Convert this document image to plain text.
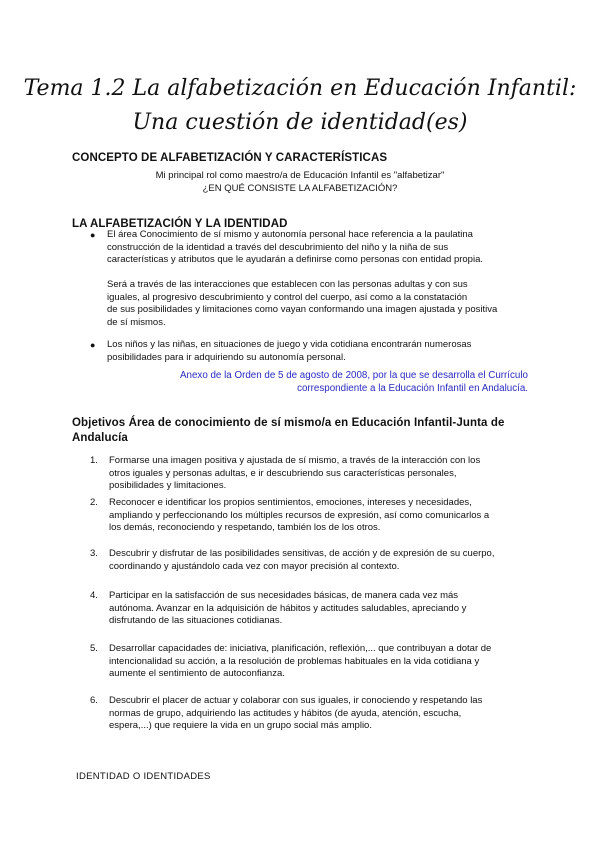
Tema 1.2 La alfabetización en Educación Infantil:
Una cuestión de identidad(es)
CONCEPTO DE ALFABETIZACIÓN Y CARACTERÍSTICAS
Mi principal rol como maestro/a de Educación Infantil es "alfabetizar"
¿EN QUÉ CONSISTE LA ALFABETIZACIÓN?
LA ALFABETIZACIÓN Y LA IDENTIDAD
● El área Conocimiento de sí mismo y autonomía personal hace referencia a la paulatina
construcción de la identidad a través del descubrimiento del niño y la niña de sus
características y atributos que le ayudarán a definirse como personas con entidad propia.
Será a través de las interacciones que establecen con las personas adultas y con sus
iguales, al progresivo descubrimiento y control del cuerpo, así como a la constatación
de sus posibilidades y limitaciones como vayan conformando una imagen ajustada y positiva
de sí mismos.
● Los niños y las niñas, en situaciones de juego y vida cotidiana encontrarán numerosas
posibilidades para ir adquiriendo su autonomía personal.
Anexo de la Orden de 5 de agosto de 2008, por la que se desarrolla el Currículo
correspondiente a la Educación Infantil en Andalucía.
Objetivos Área de conocimiento de sí mismo/a en Educación Infantil-Junta de
Andalucía
1. Formarse una imagen positiva y ajustada de sí mismo, a través de la interacción con los
otros iguales y personas adultas, e ir descubriendo sus características personales,
posibilidades y limitaciones.
2. Reconocer e identificar los propios sentimientos, emociones, intereses y necesidades,
ampliando y perfeccionando los múltiples recursos de expresión, así como comunicarlos a
los demás, reconociendo y respetando, también los de los otros.
3. Descubrir y disfrutar de las posibilidades sensitivas, de acción y de expresión de su cuerpo,
coordinando y ajustándolo cada vez con mayor precisión al contexto.
4. Participar en la satisfacción de sus necesidades básicas, de manera cada vez más
autónoma. Avanzar en la adquisición de hábitos y actitudes saludables, apreciando y
disfrutando de las situaciones cotidianas.
5. Desarrollar capacidades de: iniciativa, planificación, reflexión,... que contribuyan a dotar de
intencionalidad su acción, a la resolución de problemas habituales en la vida cotidiana y
aumente el sentimiento de autoconfianza.
6. Descubrir el placer de actuar y colaborar con sus iguales, ir conociendo y respetando las
normas de grupo, adquiriendo las actitudes y hábitos (de ayuda, atención, escucha,
espera,...) que requiere la vida en un grupo social más amplio.
IDENTIDAD O IDENTIDADES
